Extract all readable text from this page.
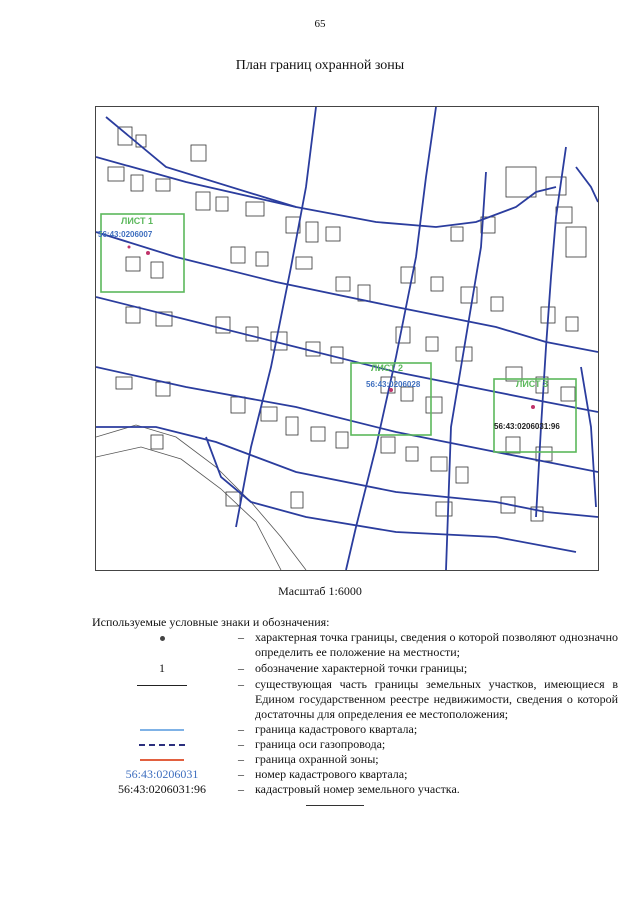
65
План границ охранной зоны
ЛИСТ 1
56:43:0206007
ЛИСТ 2
56:43:0206028	ЛИСТ 3
56:43:0206031:96
Масштаб 1:6000
Используемые условные знаки и обозначения:
– характерная точка границы, сведения о которой позволяют однозначно определить ее положение на местности;
1	– обозначение характерной точки границы;
– существующая часть границы земельных участков, имеющиеся в Едином государственном реестре недвижимости, сведения о которой достаточны для определения ее местоположения;
– граница кадастрового квартала;
– граница оси газопровода;
– граница охранной зоны;
56:43:0206031	– номер кадастрового квартала;
56:43:0206031:96	– кадастровый номер земельного участка.
